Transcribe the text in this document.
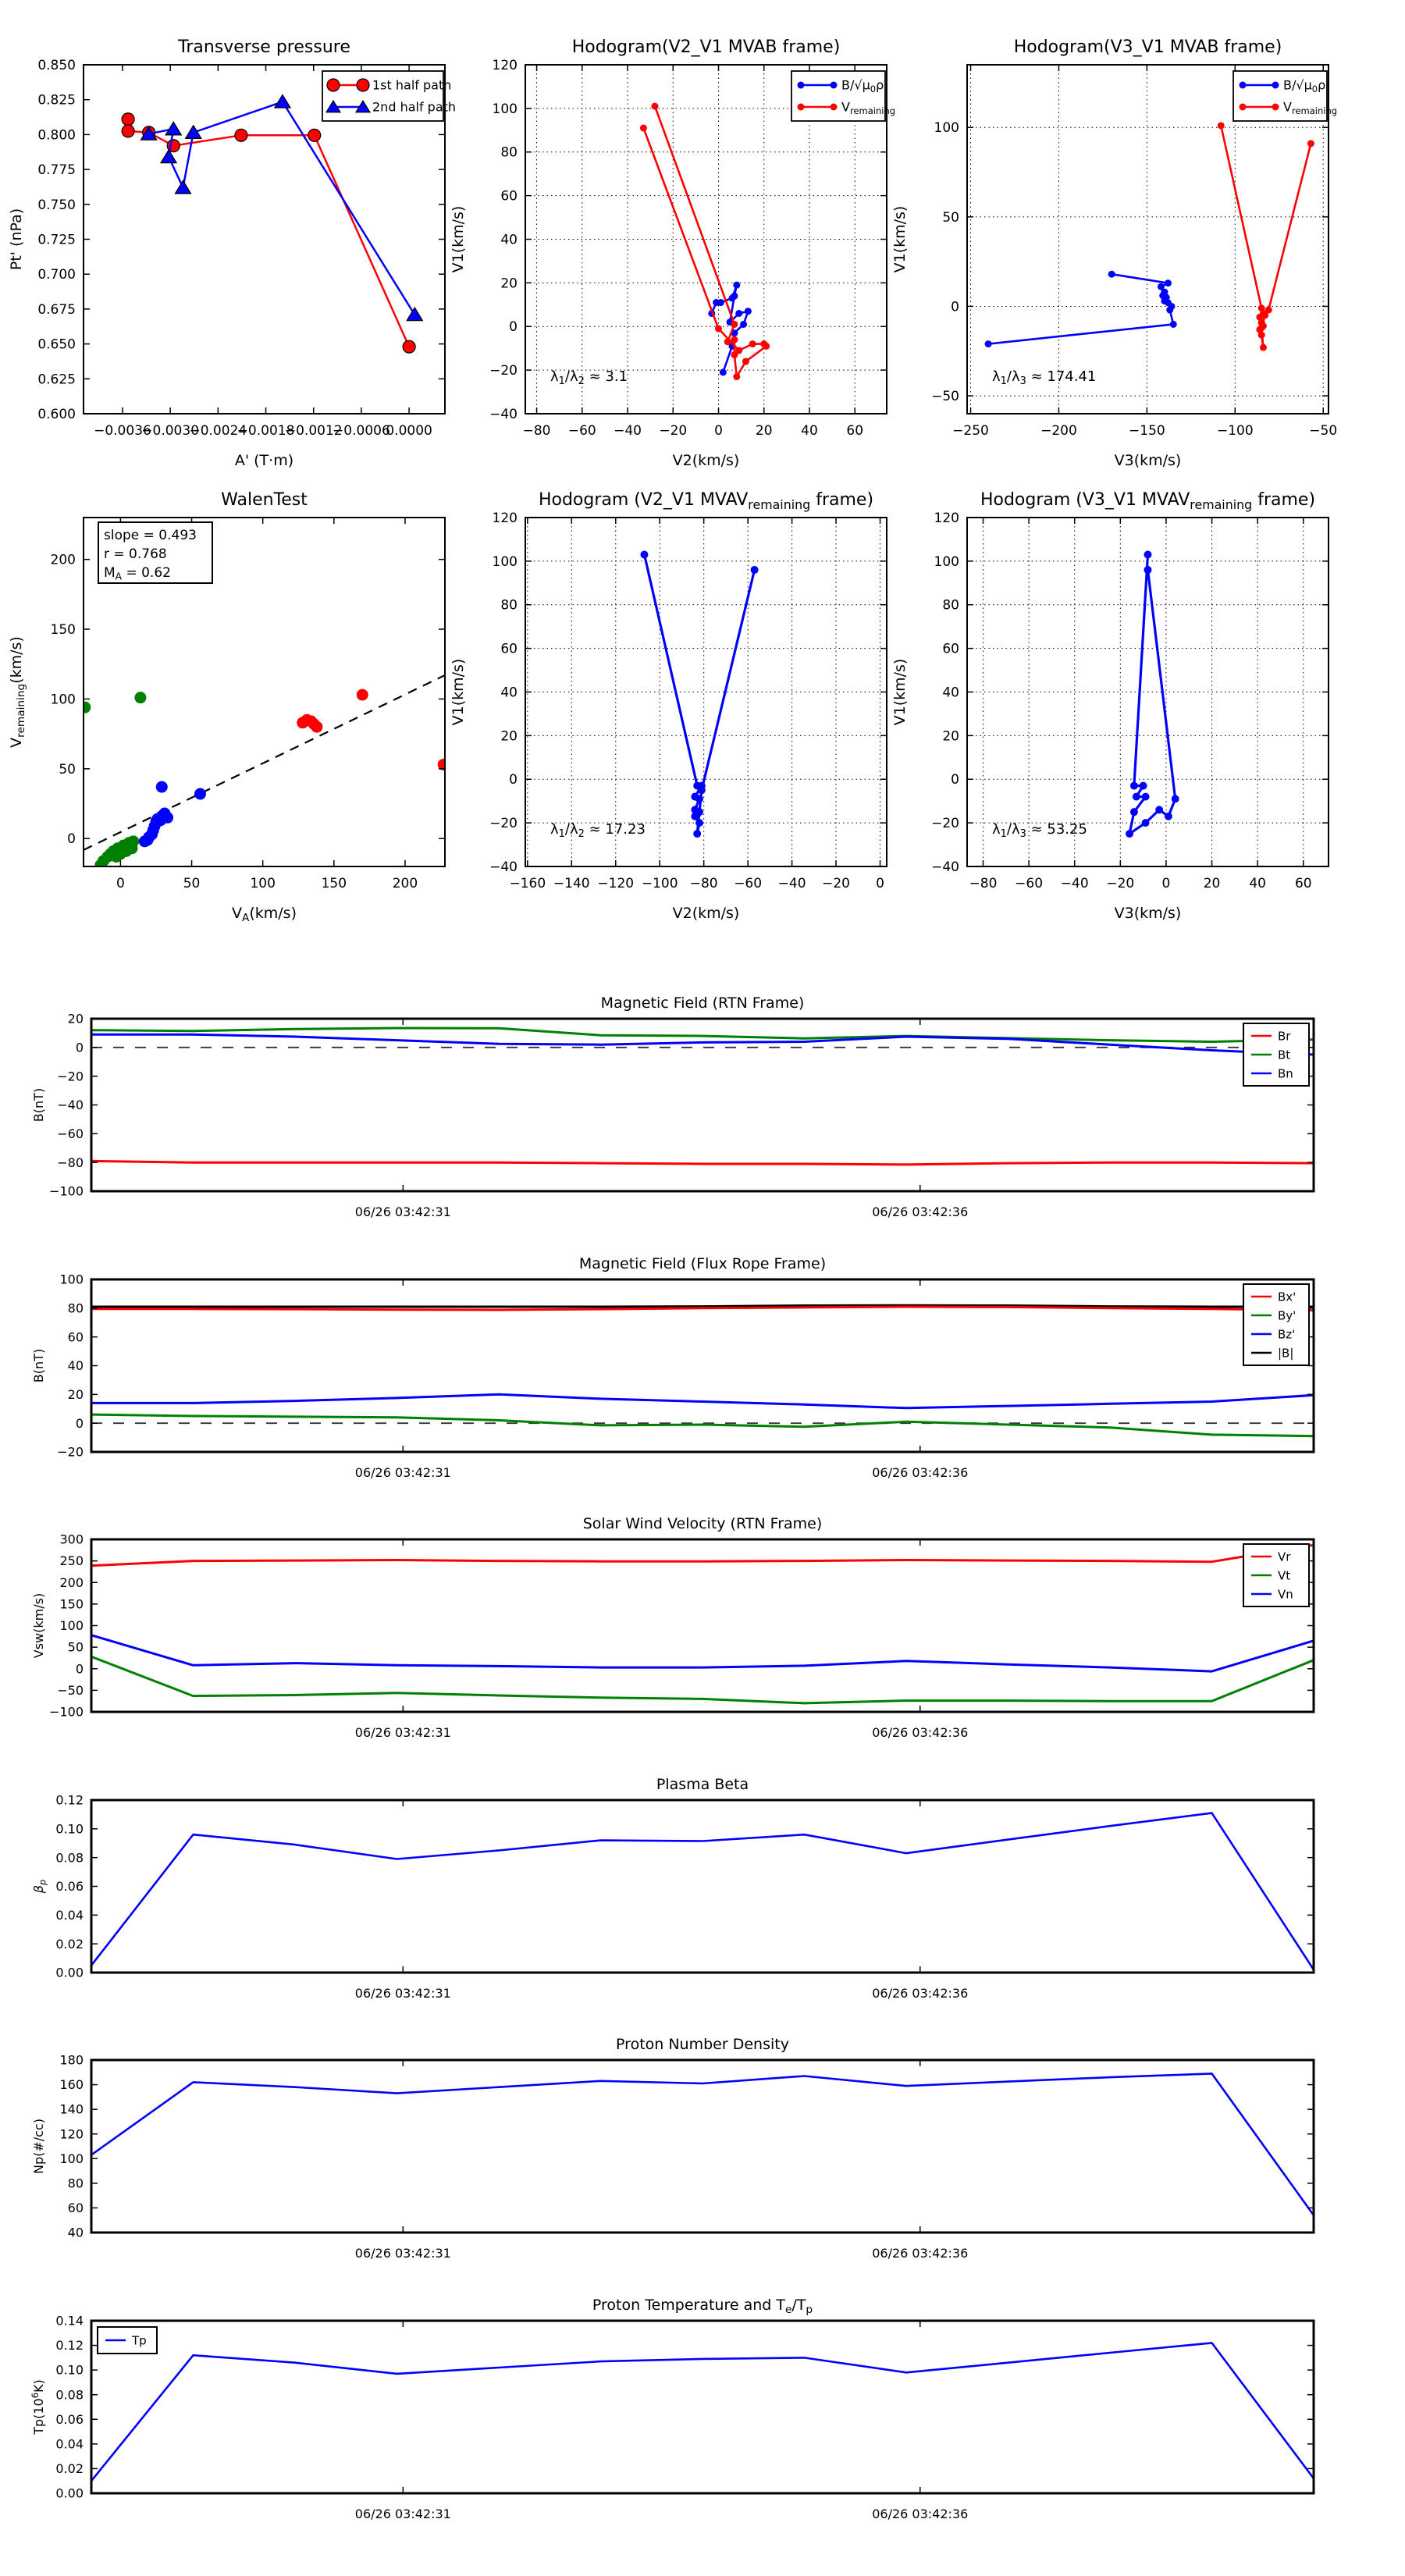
−0.0036
−0.0030
−0.0024
−0.0018
−0.0012
−0.0006
0.0000
0.600
0.625
0.650
0.675
0.700
0.725
0.750
0.775
0.800
0.825
0.850
Transverse pressure
A' (T·m)
Pt' (nPa)
1st half path
2nd half path
−80 −60 −40 −20 0 20 40 60
−40
−20
0
20
40
60
80
100
120
Hodogram(V2_V1 MVAB frame)
V2(km/s)
V1(km/s)
$\lambda_1/\lambda_2 \approx 3.1$
$B/√\mu_0\rho$
$V_{remaining}$
−250	−200	−150	−100	−50
−50
0
50
100
Hodogram(V3_V1 MVAB frame)
V3(km/s)
V1(km/s)
$\lambda_1/\lambda_3 \approx 174.41$
$B/√\mu_0\rho$
$V_{remaining}$
0	50	100	150	200
0
50
100
150
200
WalenTest
$V_A(km/s)$
$V_{remaining}(km/s)$
slope = 0.493
r = 0.768
$M_A = 0.62$
−160 −140 −120 −100 −80 −60 −40 −20 0
−40
−20
0
20
40
60
80
100
120
Hodogram (V2_V1 $MVAV_{remaining}$ frame)
V2(km/s)
V1(km/s)
$\lambda_1/\lambda_2 \approx 17.23$
−80 −60 −40 −20 0 20 40 60
−40
−20
0
20
40
60
80
100
120
Hodogram (V3_V1 $MVAV_{remaining}$ frame)
V3(km/s)
V1(km/s)
$\lambda_1/\lambda_3 \approx 53.25$
06/26 03:42:31	06/26 03:42:36
−100
−80
−60
−40
−20
0
20
Magnetic Field (RTN Frame)
B(nT)
Br
Bt
Bn
06/26 03:42:31	06/26 03:42:36
−20
0
20
40
60
80
100
Magnetic Field (Flux Rope Frame)
B(nT)
Bx'
By'
Bz'
|B|
06/26 03:42:31	06/26 03:42:36
−100
−50
0
50
100
150
200
250
300
Solar Wind Velocity (RTN Frame)
Vsw(km/s)
Vr
Vt
Vn
06/26 03:42:31	06/26 03:42:36
0.00
0.02
0.04
0.06
0.08
0.10
0.12
Plasma Beta
$\beta_p$
06/26 03:42:31	06/26 03:42:36
40
60
80
100
120
140
160
180
Proton Number Density
Np(#/cc)
06/26 03:42:31	06/26 03:42:36
0.00
0.02
0.04
0.06
0.08
0.10
0.12
0.14
Proton Temperature and $T_e/T_p$
$Tp(10^6K)$
Tp
